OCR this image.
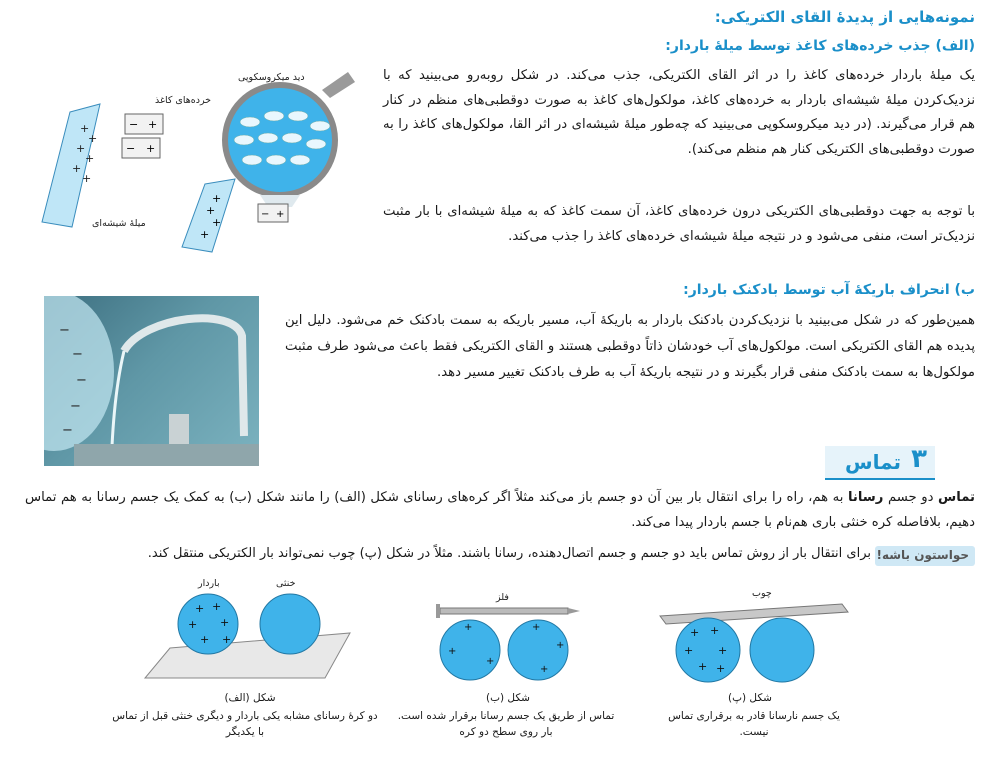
نمونه‌هایی از پدیدهٔ القای الکتریکی:
(الف) جذب خرده‌های کاغذ توسط میلهٔ باردار:
یک میلهٔ باردار خرده‌های کاغذ را در اثر القای الکتریکی، جذب می‌کند. در شکل روبه‌رو می‌بینید که با نزدیک‌کردن میلهٔ شیشه‌ای باردار به خرده‌های کاغذ، مولکول‌های کاغذ به صورت دوقطبی‌های منظم در کنار هم قرار می‌گیرند. (در دید میکروسکوپی می‌بینید که چه‌طور میلهٔ شیشه‌ای در اثر القا، مولکول‌های کاغذ را به صورت دوقطبی‌های الکتریکی کنار هم منظم می‌کند).
با توجه به جهت دوقطبی‌های الکتریکی درون خرده‌های کاغذ، آن سمت کاغذ که به میلهٔ شیشه‌ای با بار مثبت نزدیک‌تر است، منفی می‌شود و در نتیجه میلهٔ شیشه‌ای خرده‌های کاغذ را جذب می‌کند.
+
+
+
+
+
+
− +
− +
+
+
+
+
− +
دید میکروسکوپی
خرده‌های کاغذ
میلهٔ شیشه‌ای
ب) انحراف باریکهٔ آب توسط بادکنک باردار:
−
−
−
−
−
همین‌طور که در شکل می‌بینید با نزدیک‌کردن بادکنک باردار به باریکهٔ آب، مسیر باریکه به سمت بادکنک خم می‌شود. دلیل این پدیده هم القای الکتریکی است. مولکول‌های آب خودشان ذاتاً دوقطبی هستند و القای الکتریکی فقط باعث می‌شود طرف مثبت مولکول‌ها به سمت بادکنک منفی قرار بگیرند و در نتیجه باریکهٔ آب به طرف بادکنک تغییر مسیر دهد.
۳
تماس
تماس دو جسم رسانا به هم، راه را برای انتقال بار بین آن دو جسم باز می‌کند مثلاً اگر کره‌های رسانای شکل (الف) را مانند شکل (ب) به کمک یک جسم رسانا به هم تماس دهیم، بلافاصله کره خنثی باری هم‌نام با جسم باردار پیدا می‌کند.
حواستون باشه!
برای انتقال بار از روش تماس باید دو جسم و جسم اتصال‌دهنده، رسانا باشند. مثلاً در شکل (پ) چوب نمی‌تواند بار الکتریکی منتقل کند.
+ +
+ +
+ +
باردار	خنثی
شکل (الف)
دو کرهٔ رسانای مشابه یکی باردار و دیگری خنثی قبل از تماس با یکدیگر
+
+
+
+
+
+
فلز
شکل (ب)
تماس از طریق یک جسم رسانا برقرار شده است. بار روی سطح دو کره
+ +
+ +
+ +
چوب
شکل (پ)
یک جسم نارسانا قادر به برقراری تماس نیست.
